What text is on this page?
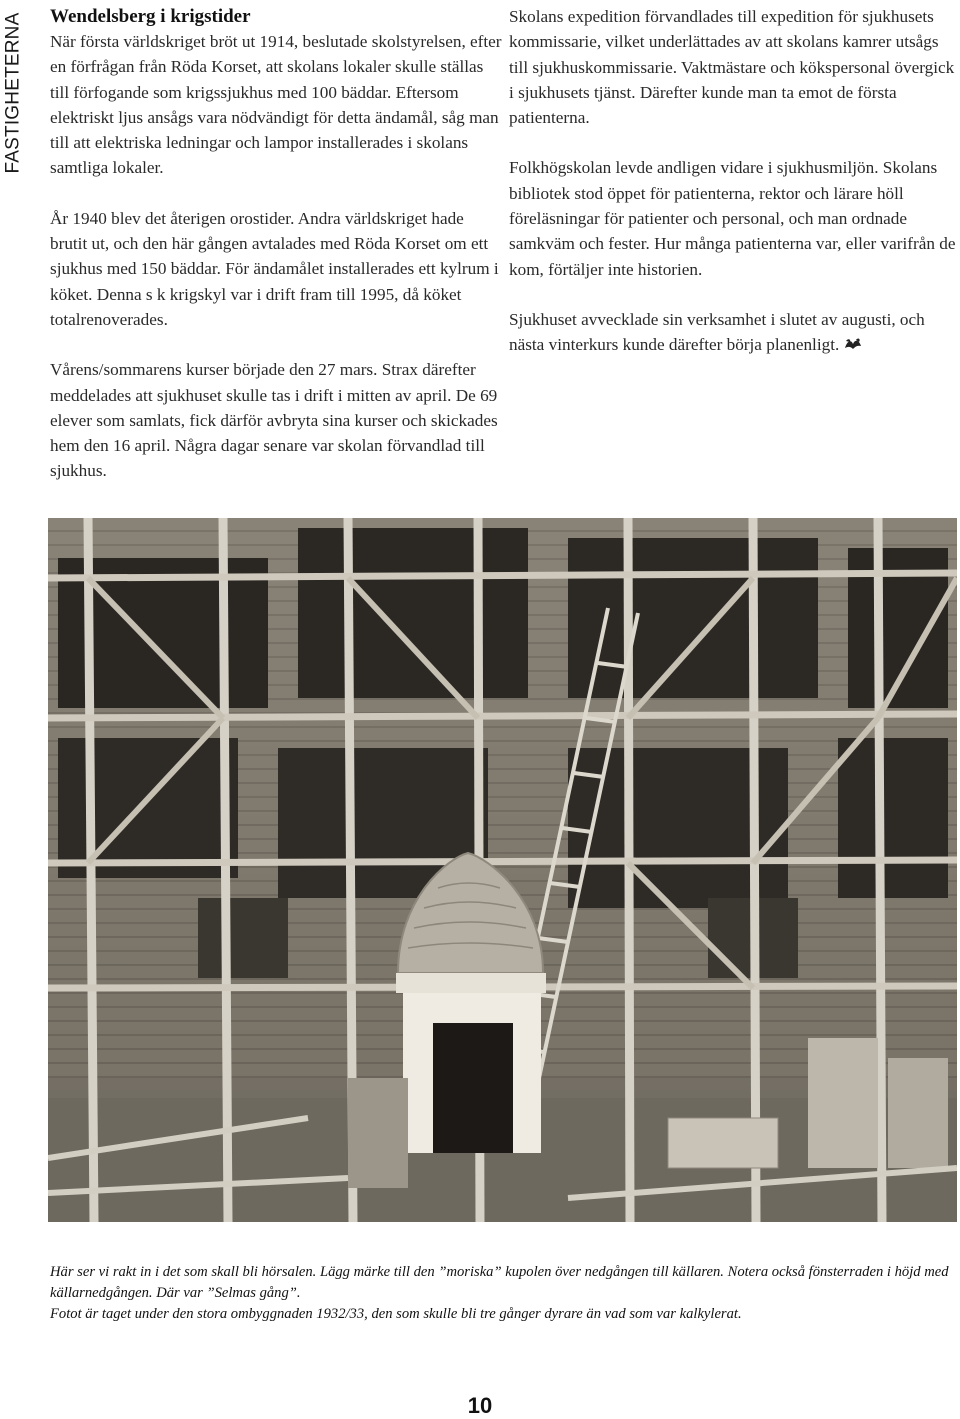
FASTIGHETERNA Wendelsberg i krigstider

När första världskriget bröt ut 1914, beslutade skolstyrelsen, efter en förfrågan från Röda Korset, att skolans lokaler skulle ställas till förfogande som krigssjukhus med 100 bäddar. Eftersom elektriskt ljus ansågs vara nödvändigt för detta ändamål, såg man till att elektriska ledningar och lampor installerades i skolans samtliga lokaler.

År 1940 blev det återigen orostider. Andra världskriget hade brutit ut, och den här gången avtalades med Röda Korset om ett sjukhus med 150 bäddar. För ändamålet installerades ett kylrum i köket. Denna s k krigskyl var i drift fram till 1995, då köket totalrenoverades.

Vårens/sommarens kurser började den 27 mars. Strax därefter meddelades att sjukhuset skulle tas i drift i mitten av april. De 69 elever som samlats, fick därför avbryta sina kurser och skickades hem den 16 april. Några dagar senare var skolan förvandlad till sjukhus.

Skolans expedition förvandlades till expedition för sjukhusets kommissarie, vilket underlättades av att skolans kamrer utsågs till sjukhuskommissarie. Vaktmästare och kökspersonal övergick i sjukhusets tjänst. Därefter kunde man ta emot de första patienterna.

Folkhögskolan levde andligen vidare i sjukhusmiljön. Skolans bibliotek stod öppet för patienterna, rektor och lärare höll föreläsningar för patienter och personal, och man ordnade samkväm och fester. Hur många patienterna var, eller varifrån de kom, förtäljer inte historien.

Sjukhuset avvecklade sin verksamhet i slutet av augusti, och nästa vinterkurs kunde därefter börja planenligt.

Här ser vi rakt in i det som skall bli hörsalen. Lägg märke till den ”moriska” kupolen över nedgången till källaren. Notera också fönsterraden i höjd med källarnedgången. Där var ”Selmas gång”.

Fotot är taget under den stora ombyggnaden 1932/33, den som skulle bli tre gånger dyrare än vad som var kalkylerat.

10
